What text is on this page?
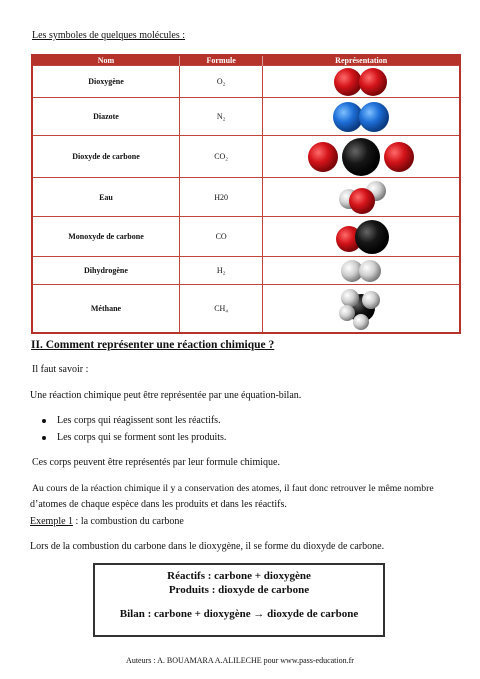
Les symboles de quelques molécules :
Nom	Formule	Représentation
Dioxygène	O₂	

Diazote	N₂	

Dioxyde de carbone	CO₂	

Eau	H20	

Monoxyde de carbone	CO	

Dihydrogène	H₂	

Méthane	CH₄	
II. Comment représenter une réaction chimique ?
Il faut savoir :
Une réaction chimique peut être représentée par une équation-bilan.
Les corps qui réagissent sont les réactifs.
Les corps qui se forment sont les produits.
Ces corps peuvent être représentés par leur formule chimique.
Au cours de la réaction chimique il y a conservation des atomes, il faut donc retrouver le même nombre
d’atomes de chaque espèce dans les produits et dans les réactifs.
Exemple 1 : la combustion du carbone
Lors de la combustion du carbone dans le dioxygène, il se forme du dioxyde de carbone.
Réactifs : carbone + dioxygène
Produits : dioxyde de carbone
Bilan : carbone + dioxygène → dioxyde de carbone
Auteurs : A. BOUAMARA A.ALILECHE pour www.pass-education.fr
